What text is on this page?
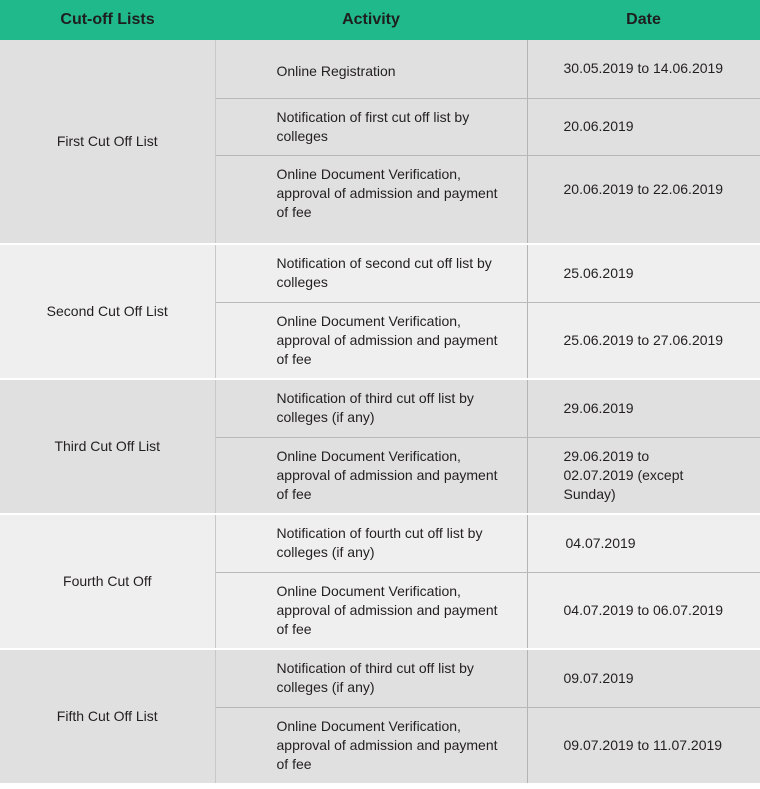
Cut-off Lists	Activity	Date
First Cut Off List	Online Registration	30.05.2019 to 14.06.2019
	Notification of first cut off list by colleges	20.06.2019
	Online Document Verification, approval of admission and payment of fee	20.06.2019 to 22.06.2019
Second Cut Off List	Notification of second cut off list by colleges	25.06.2019
	Online Document Verification, approval of admission and payment of fee	25.06.2019 to 27.06.2019
Third Cut Off List	Notification of third cut off list by colleges (if any)	29.06.2019
	Online Document Verification, approval of admission and payment of fee	29.06.2019 to 02.07.2019 (except Sunday)
Fourth Cut Off	Notification of fourth cut off list by colleges (if any)	04.07.2019
	Online Document Verification, approval of admission and payment of fee	04.07.2019 to 06.07.2019
Fifth Cut Off List	Notification of third cut off list by colleges (if any)	09.07.2019
	Online Document Verification, approval of admission and payment of fee	09.07.2019 to 11.07.2019
